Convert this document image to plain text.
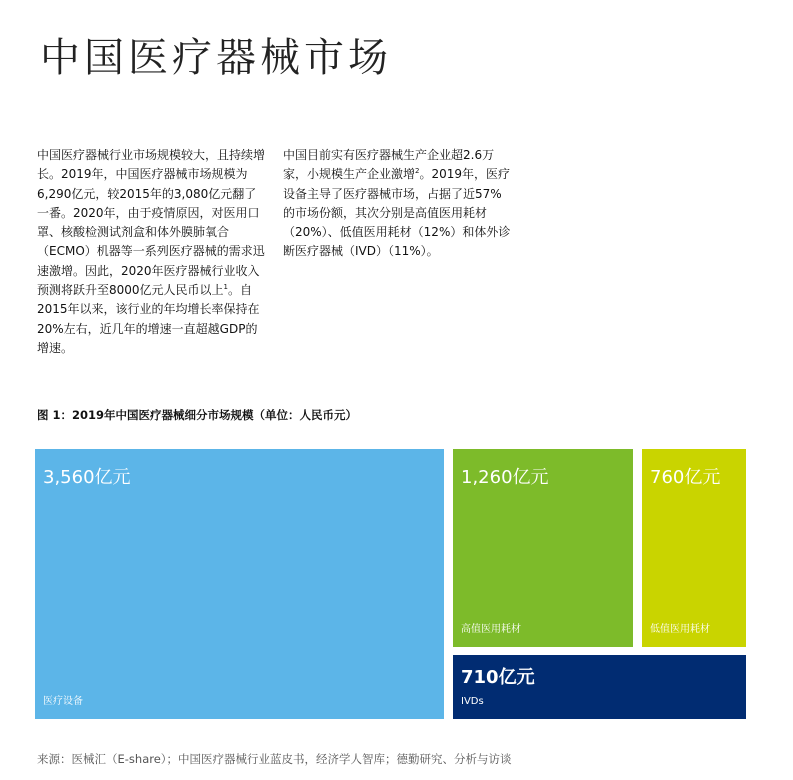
中国医疗器械市场

中国医疗器械行业市场规模较大，且持续增长。2019年，中国医疗器械市场规模为6,290亿元，较2015年的3,080亿元翻了一番。2020年，由于疫情原因，对医用口罩、核酸检测试剂盒和体外膜肺氧合（ECMO）机器等一系列医疗器械的需求迅速激增。因此，2020年医疗器械行业收入预测将跃升至8000亿元人民币以上$^1$。自2015年以来，该行业的年均增长率保持在20%左右，近几年的增速一直超越GDP的增速。

中国目前实有医疗器械生产企业超2.6万家，小规模生产企业激增$^2$。2019年，医疗设备主导了医疗器械市场，占据了近57%的市场份额，其次分别是高值医用耗材（20%）、低值医用耗材（12%）和体外诊断医疗器械（IVD）（11%）。

图 1：2019年中国医疗器械细分市场规模（单位：人民币元）
3,560亿元
医疗设备
1,260亿元
高值医用耗材
760亿元
低值医用耗材
710亿元
IVDs
来源：医械汇（E-share）；中国医疗器械行业蓝皮书，经济学人智库；德勤研究、分析与访谈
